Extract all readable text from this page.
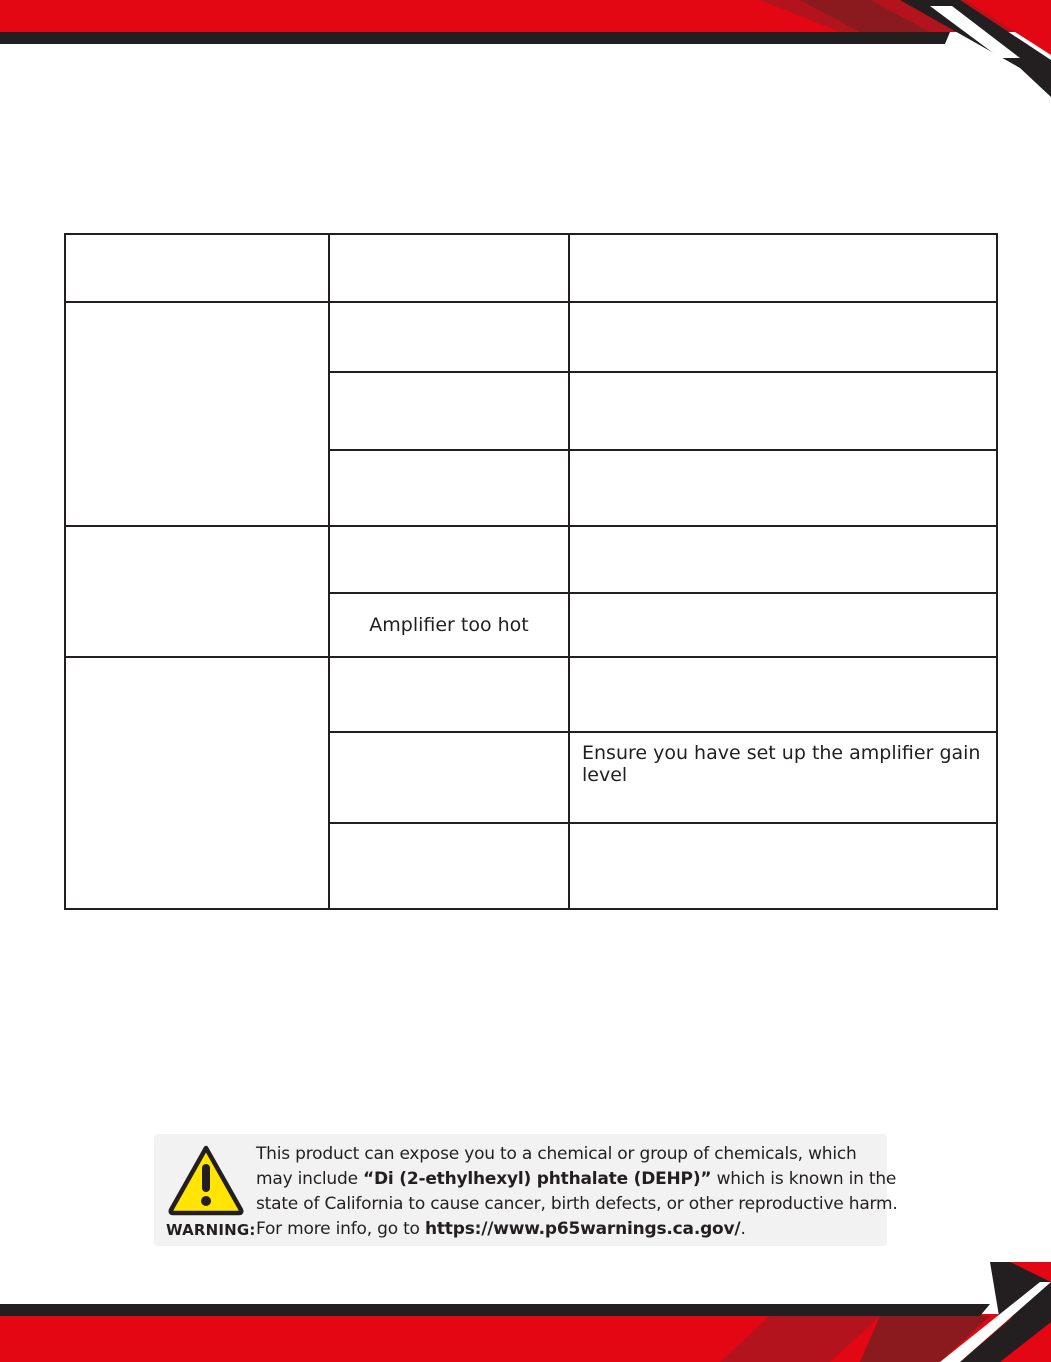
	Amplifier too hot	

		Ensure you have set up the amplifier gain level

WARNING:

This product can expose you to a chemical or group of chemicals, which

may include “Di (2-ethylhexyl) phthalate (DEHP)” which is known in the

state of California to cause cancer, birth defects, or other reproductive harm.

For more info, go to https://www.p65warnings.ca.gov/.
